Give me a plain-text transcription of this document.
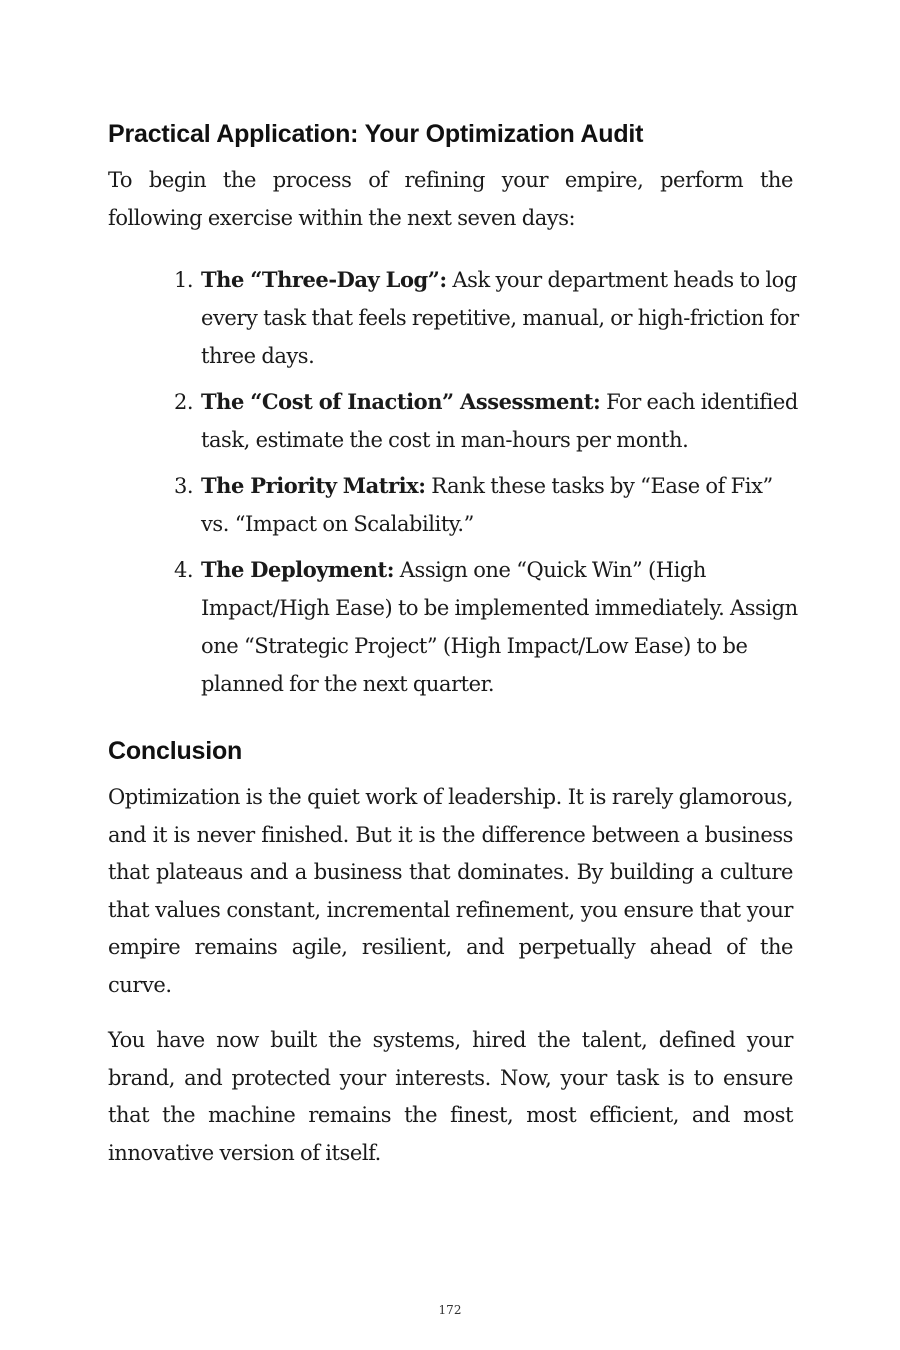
Practical Application: Your Optimization Audit

To begin the process of refining your empire, perform the following exercise within the next seven days:

1. The “Three-Day Log”: Ask your department heads to log every task that feels repetitive, manual, or high-friction for three days.
2. The “Cost of Inaction” Assessment: For each identified task, estimate the cost in man-hours per month.
3. The Priority Matrix: Rank these tasks by “Ease of Fix” vs. “Impact on Scalability.”
4. The Deployment: Assign one “Quick Win” (High Impact/High Ease) to be implemented immediately. Assign one “Strategic Project” (High Impact/Low Ease) to be planned for the next quarter.
Conclusion

Optimization is the quiet work of leadership. It is rarely glamorous, and it is never finished. But it is the difference between a business that plateaus and a business that dominates. By building a culture that values constant, incremental refinement, you ensure that your empire remains agile, resilient, and perpetually ahead of the curve.

You have now built the systems, hired the talent, defined your brand, and protected your interests. Now, your task is to ensure that the machine remains the finest, most efficient, and most innovative version of itself.

172
